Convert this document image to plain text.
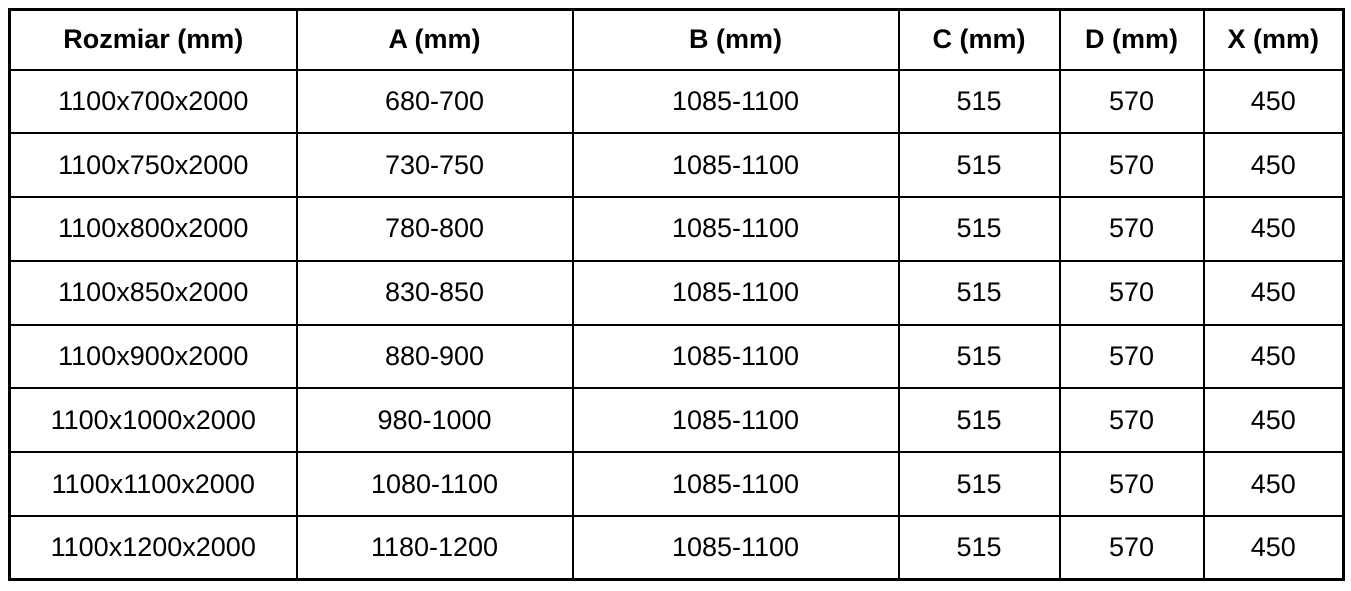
Rozmiar (mm)	A (mm)	B (mm)	C (mm)	D (mm)	X (mm)
1100x700x2000	680-700	1085-1100	515	570	450
1100x750x2000	730-750	1085-1100	515	570	450
1100x800x2000	780-800	1085-1100	515	570	450
1100x850x2000	830-850	1085-1100	515	570	450
1100x900x2000	880-900	1085-1100	515	570	450
1100x1000x2000	980-1000	1085-1100	515	570	450
1100x1100x2000	1080-1100	1085-1100	515	570	450
1100x1200x2000	1180-1200	1085-1100	515	570	450
